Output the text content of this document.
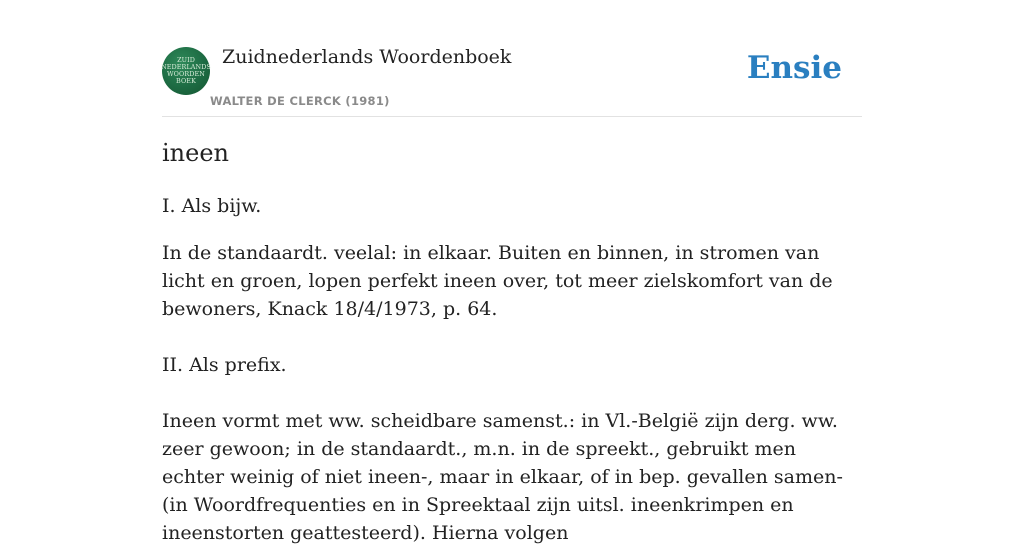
ZUID
NEDERLANDS
WOORDEN
BOEK
Zuidnederlands Woordenboek
WALTER DE CLERCK (1981)
Ensie
ineen
I. Als bijw.
In de standaardt. veelal: in elkaar. Buiten en binnen, in stromen van licht en groen, lopen perfekt ineen over, tot meer zielskomfort van de bewoners, Knack 18/4/1973, p. 64.
II. Als prefix.
Ineen vormt met ww. scheidbare samenst.: in Vl.-België zijn derg. ww. zeer gewoon; in de standaardt., m.n. in de spreekt., gebruikt men echter weinig of niet ineen-, maar in elkaar, of in bep. gevallen samen- (in Woordfrequenties en in Spreektaal zijn uitsl. ineenkrimpen en ineenstorten geattesteerd). Hierna volgen
